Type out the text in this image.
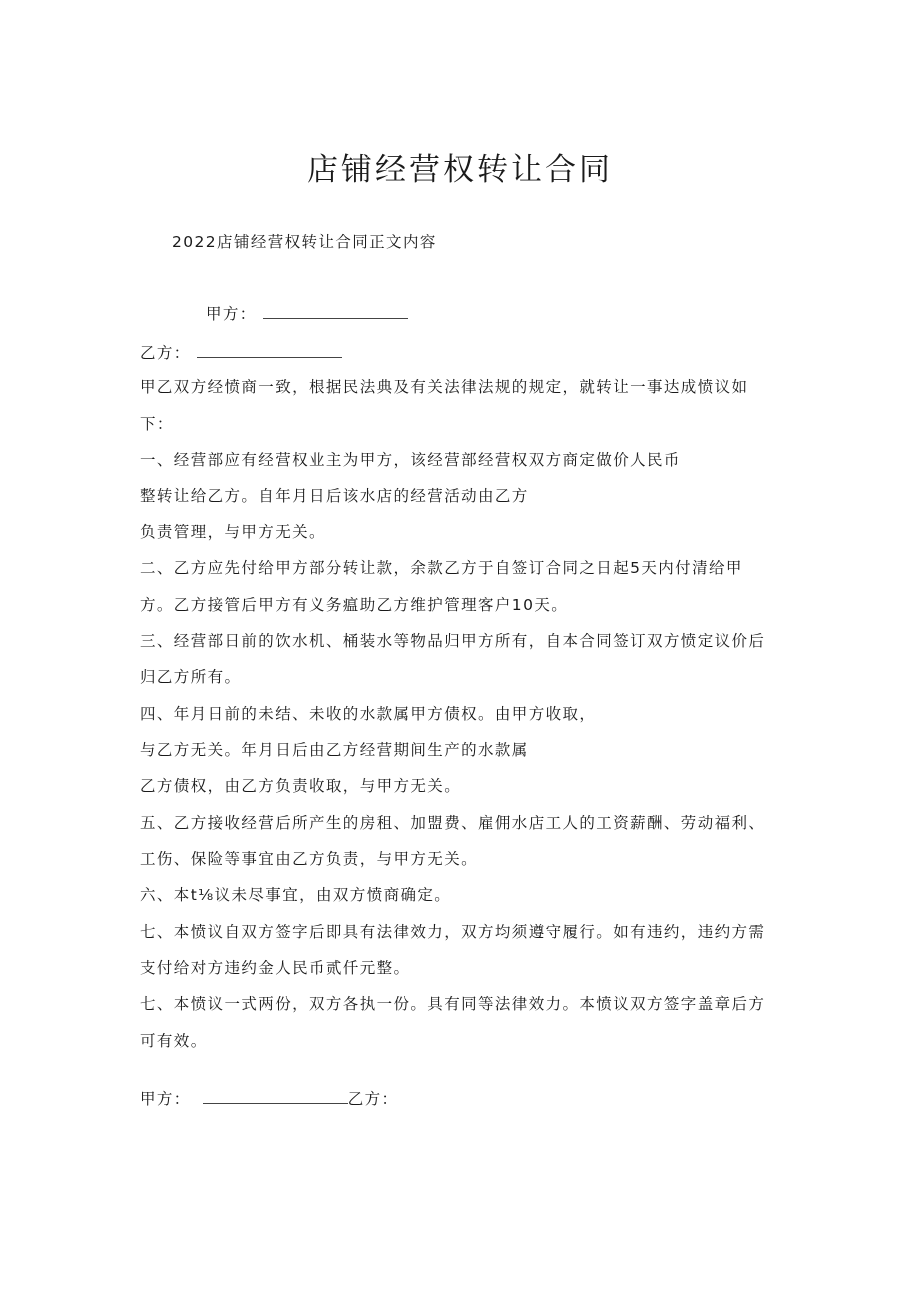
店铺经营权转让合同
2022店铺经营权转让合同正文内容
甲方：
乙方：
甲乙双方经愤商一致，根据民法典及有关法律法规的规定，就转让一事达成愤议如
下：
一、经营部应有经营权业主为甲方，该经营部经营权双方商定做价人民币
整转让给乙方。自年月日后该水店的经营活动由乙方
负责管理，与甲方无关。
二、乙方应先付给甲方部分转让款，余款乙方于自签订合同之日起5天内付清给甲
方。乙方接管后甲方有义务瘟助乙方维护管理客户10天。
三、经营部日前的饮水机、桶装水等物品归甲方所有，自本合同签订双方愤定议价后
归乙方所有。
四、年月日前的未结、未收的水款属甲方债权。由甲方收取，
与乙方无关。年月日后由乙方经营期间生产的水款属
乙方债权，由乙方负责收取，与甲方无关。
五、乙方接收经营后所产生的房租、加盟费、雇佣水店工人的工资薪酬、劳动福利、
工伤、保险等事宜由乙方负责，与甲方无关。
六、本t⅛议未尽事宜，由双方愤商确定。
七、本愤议自双方签字后即具有法律效力，双方均须遵守履行。如有违约，违约方需
支付给对方违约金人民币贰仟元整。
七、本愤议一式两份，双方各执一份。具有同等法律效力。本愤议双方签字盖章后方
可有效。
甲方：	乙方：
